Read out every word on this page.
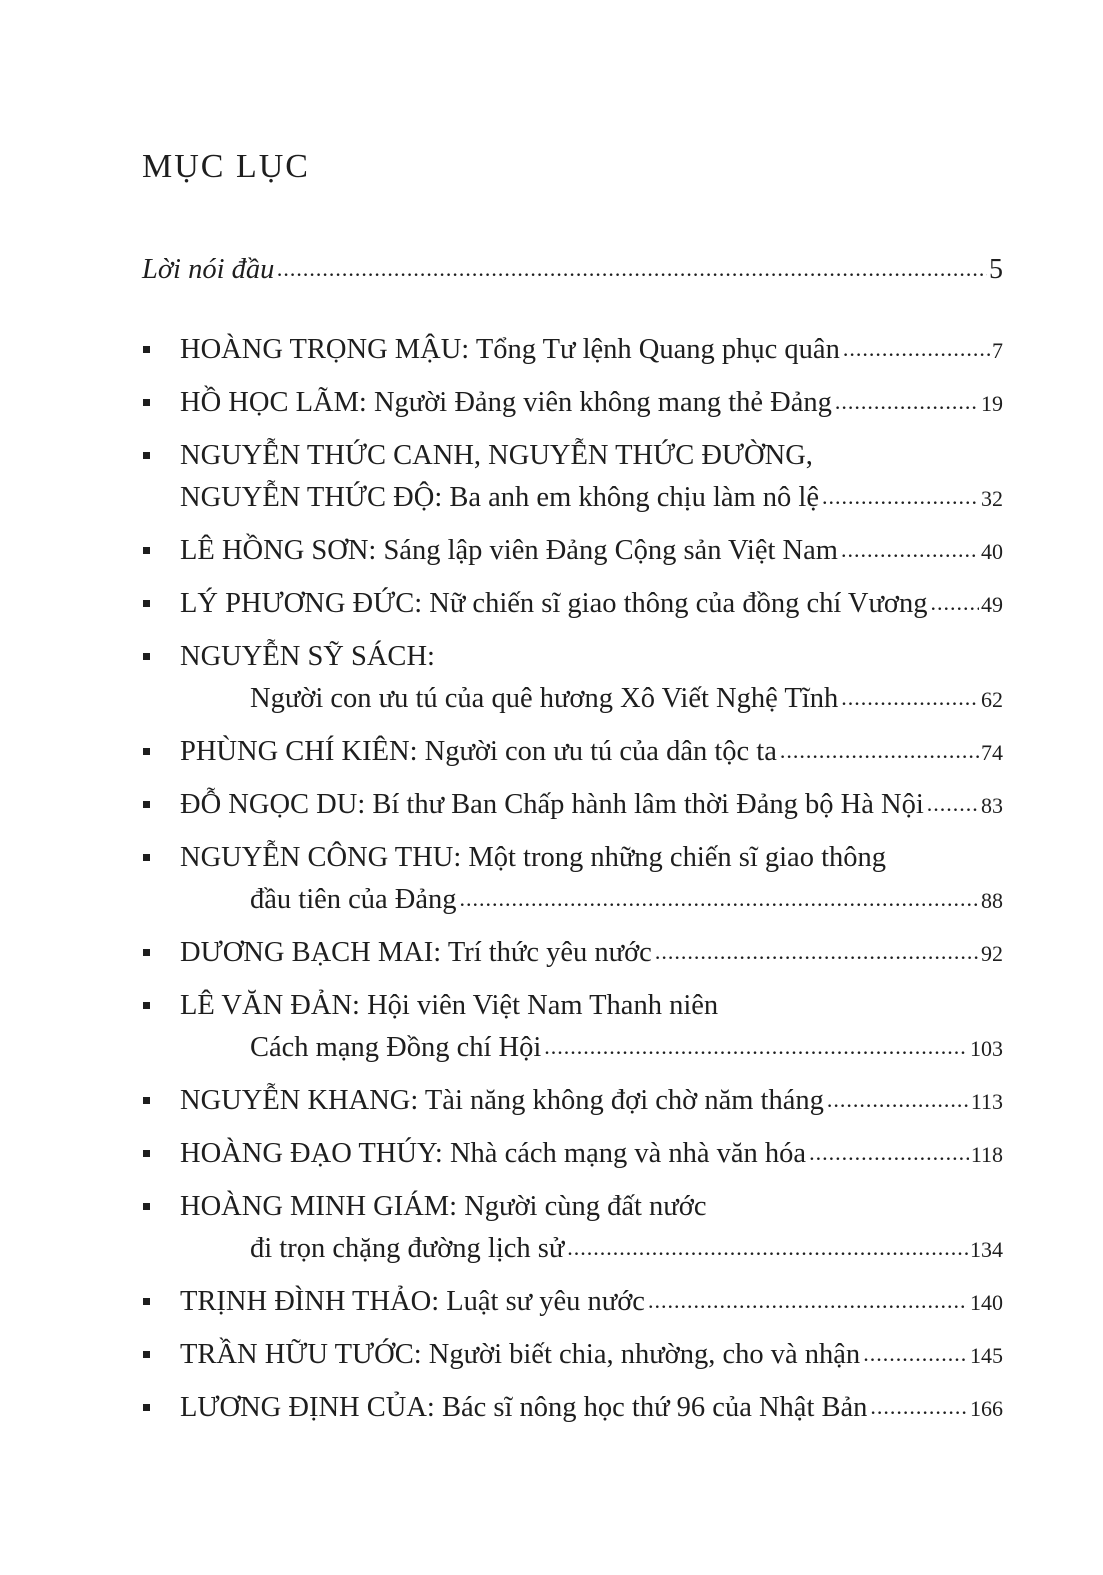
MỤC LỤC
Lời nói đầu .....	5
HOÀNG TRỌNG MẬU: Tổng Tư lệnh Quang phục quân .....	7
HỒ HỌC LÃM: Người Đảng viên không mang thẻ Đảng .....	19
NGUYỄN THỨC CANH, NGUYỄN THỨC ĐƯỜNG,
NGUYỄN THỨC ĐỘ: Ba anh em không chịu làm nô lệ .....	32
LÊ HỒNG SƠN: Sáng lập viên Đảng Cộng sản Việt Nam .....	40
LÝ PHƯƠNG ĐỨC: Nữ chiến sĩ giao thông của đồng chí Vương ..... 49
NGUYỄN SỸ SÁCH:
Người con ưu tú của quê hương Xô Viết Nghệ Tĩnh .....	62
PHÙNG CHÍ KIÊN: Người con ưu tú của dân tộc ta .....	74
ĐỖ NGỌC DU: Bí thư Ban Chấp hành lâm thời Đảng bộ Hà Nội .....	83
NGUYỄN CÔNG THU: Một trong những chiến sĩ giao thông
đầu tiên của Đảng .....	88
DƯƠNG BẠCH MAI: Trí thức yêu nước .....	92
LÊ VĂN ĐẢN: Hội viên Việt Nam Thanh niên
Cách mạng Đồng chí Hội .....	103
NGUYỄN KHANG: Tài năng không đợi chờ năm tháng .....	113
HOÀNG ĐẠO THÚY: Nhà cách mạng và nhà văn hóa .....	118
HOÀNG MINH GIÁM: Người cùng đất nước
đi trọn chặng đường lịch sử .....	134
TRỊNH ĐÌNH THẢO: Luật sư yêu nước .....	140
TRẦN HỮU TƯỚC: Người biết chia, nhường, cho và nhận .....	145
LƯƠNG ĐỊNH CỦA: Bác sĩ nông học thứ 96 của Nhật Bản .....	166
